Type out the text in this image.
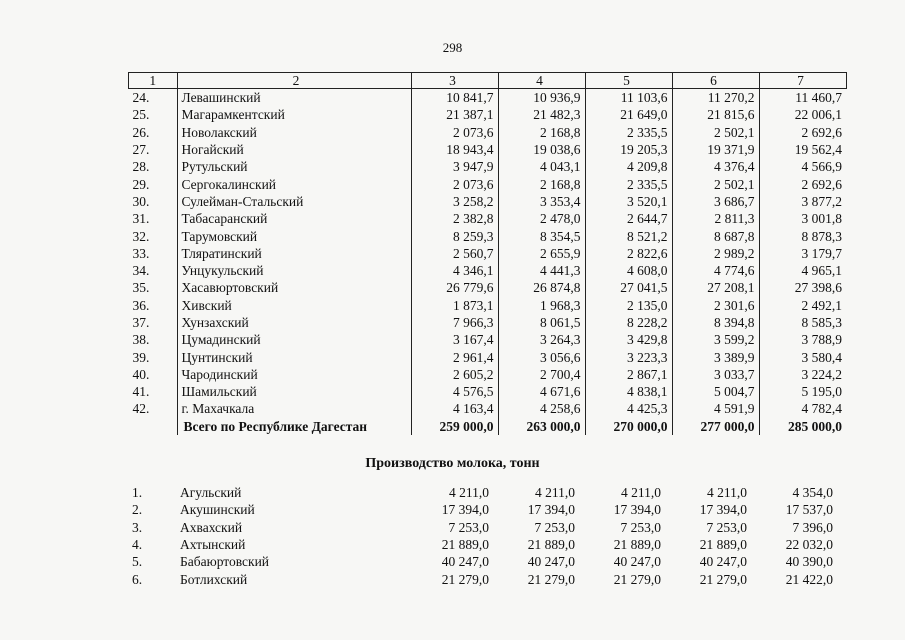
298
1	2	3	4	5	6	7
24.	Левашинский	10 841,7	10 936,9	11 103,6	11 270,2	11 460,7
25.	Магарамкентский	21 387,1	21 482,3	21 649,0	21 815,6	22 006,1
26.	Новолакский	2 073,6	2 168,8	2 335,5	2 502,1	2 692,6
27.	Ногайский	18 943,4	19 038,6	19 205,3	19 371,9	19 562,4
28.	Рутульский	3 947,9	4 043,1	4 209,8	4 376,4	4 566,9
29.	Сергокалинский	2 073,6	2 168,8	2 335,5	2 502,1	2 692,6
30.	Сулейман-Стальский	3 258,2	3 353,4	3 520,1	3 686,7	3 877,2
31.	Табасаранский	2 382,8	2 478,0	2 644,7	2 811,3	3 001,8
32.	Тарумовский	8 259,3	8 354,5	8 521,2	8 687,8	8 878,3
33.	Тляратинский	2 560,7	2 655,9	2 822,6	2 989,2	3 179,7
34.	Унцукульский	4 346,1	4 441,3	4 608,0	4 774,6	4 965,1
35.	Хасавюртовский	26 779,6	26 874,8	27 041,5	27 208,1	27 398,6
36.	Хивский	1 873,1	1 968,3	2 135,0	2 301,6	2 492,1
37.	Хунзахский	7 966,3	8 061,5	8 228,2	8 394,8	8 585,3
38.	Цумадинский	3 167,4	3 264,3	3 429,8	3 599,2	3 788,9
39.	Цунтинский	2 961,4	3 056,6	3 223,3	3 389,9	3 580,4
40.	Чародинский	2 605,2	2 700,4	2 867,1	3 033,7	3 224,2
41.	Шамильский	4 576,5	4 671,6	4 838,1	5 004,7	5 195,0
42.	г. Махачкала	4 163,4	4 258,6	4 425,3	4 591,9	4 782,4
	Всего по Республике Дагестан	259 000,0	263 000,0	270 000,0	277 000,0	285 000,0
Производство молока, тонн
1.	Агульский	4 211,0	4 211,0	4 211,0	4 211,0	4 354,0
2.	Акушинский	17 394,0	17 394,0	17 394,0	17 394,0	17 537,0
3.	Ахвахский	7 253,0	7 253,0	7 253,0	7 253,0	7 396,0
4.	Ахтынский	21 889,0	21 889,0	21 889,0	21 889,0	22 032,0
5.	Бабаюртовский	40 247,0	40 247,0	40 247,0	40 247,0	40 390,0
6.	Ботлихский	21 279,0	21 279,0	21 279,0	21 279,0	21 422,0
